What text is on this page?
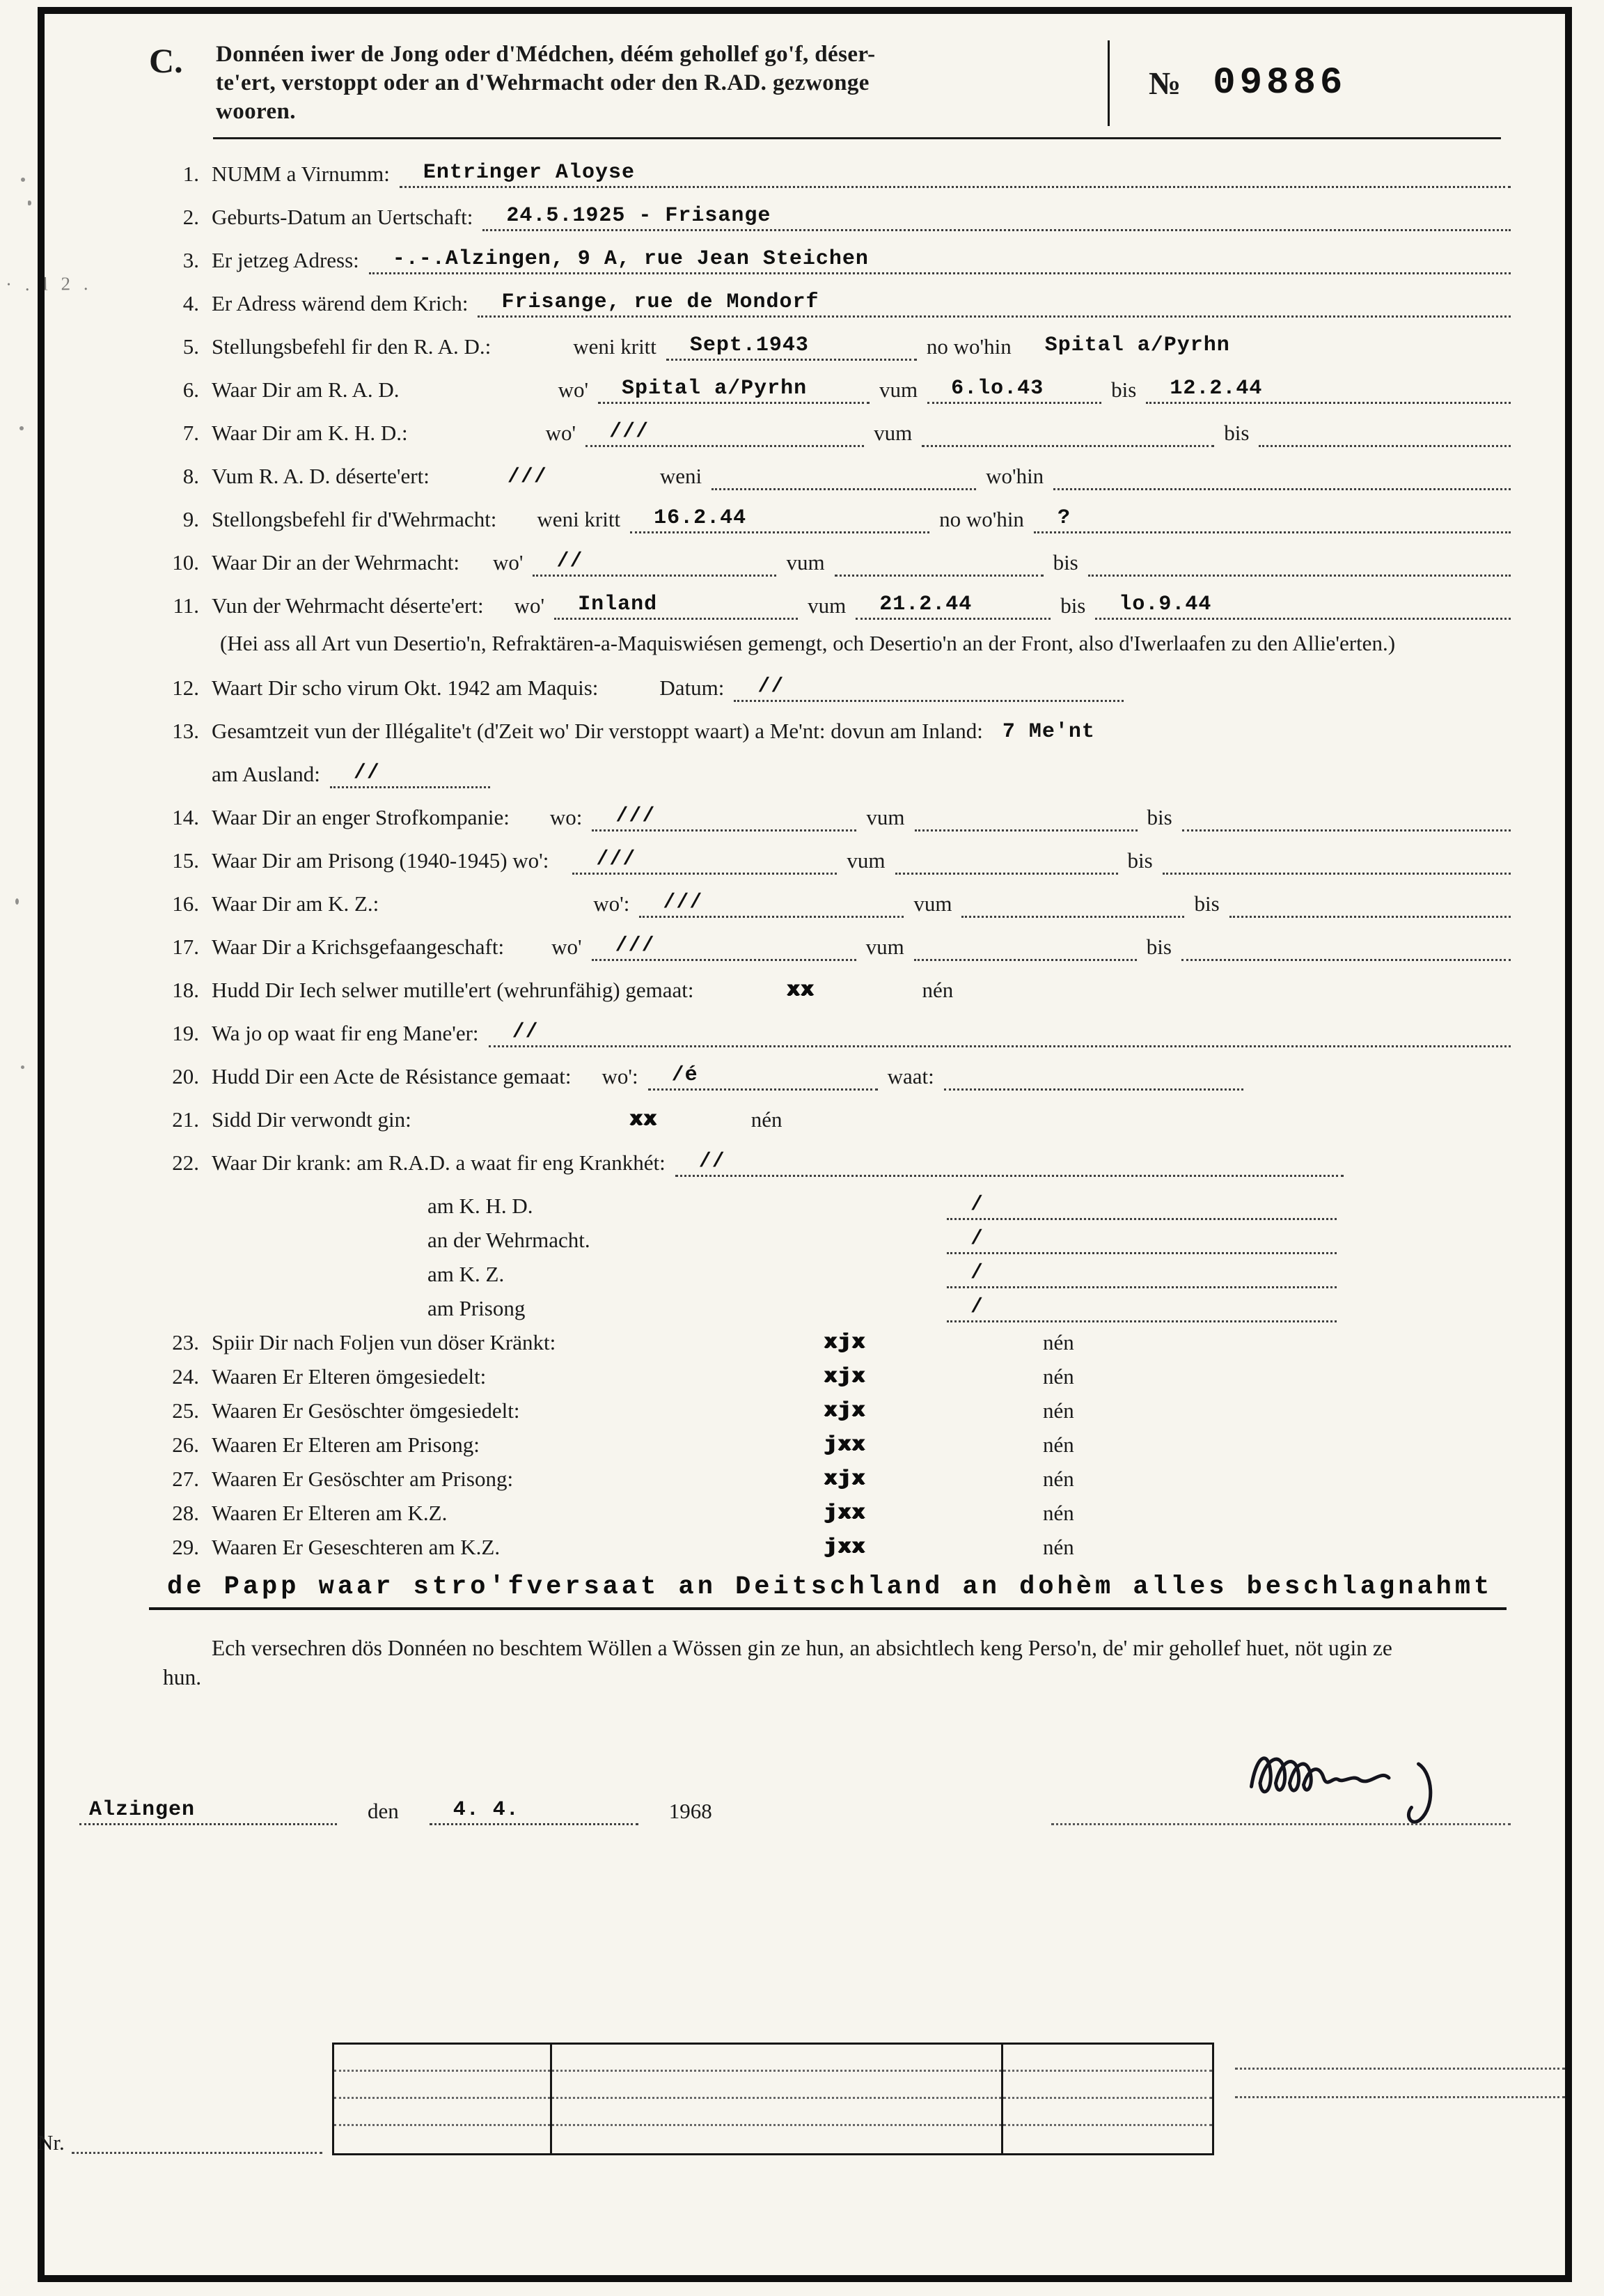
· . l 2 .
C.	Donnéen iwer de Jong oder d'Médchen, déém gehollef go'f, déser-
te'ert, verstoppt oder an d'Wehrmacht oder den R.AD. gezwonge
wooren.
№ 09886
1. NUMM a Virnumm:	Entringer Aloyse
2. Geburts-Datum an Uertschaft:	24.5.1925 - Frisange
3. Er jetzeg Adress:	-.-.Alzingen, 9 A, rue Jean Steichen
4. Er Adress wärend dem Krich:	Frisange, rue de Mondorf
5. Stellungsbefehl fir den R. A. D.:	weni kritt	Sept.1943	no wo'hin	Spital a/Pyrhn
6. Waar Dir am R. A. D.	wo'	Spital a/Pyrhn	vum	6.lo.43	bis	12.2.44
7. Waar Dir am K. H. D.:	wo'	///	vum	bis
8. Vum R. A. D. déserte'ert:	///	weni	wo'hin
9. Stellongsbefehl fir d'Wehrmacht:	weni kritt	16.2.44	no wo'hin	?
10. Waar Dir an der Wehrmacht:	wo'	//	vum	bis
11. Vun der Wehrmacht déserte'ert:	wo'	Inland	vum	21.2.44	bis	lo.9.44
(Hei ass all Art vun Desertio'n, Refraktären-a-Maquiswiésen gemengt, och Desertio'n an der Front, also d'Iwerlaafen zu den Allie'erten.)
12. Waart Dir scho virum Okt. 1942 am Maquis:	Datum:	//
13. Gesamtzeit vun der Illégalite't (d'Zeit wo' Dir verstoppt waart) a Me'nt: dovun am Inland: 7 Me'nt
am Ausland:	//
14. Waar Dir an enger Strofkompanie:	wo:	///	vum	bis
15. Waar Dir am Prisong (1940-1945) wo':	///	vum	bis
16. Waar Dir am K. Z.:	wo':	///	vum	bis
17. Waar Dir a Krichsgefaangeschaft:	wo'	///	vum	bis
18. Hudd Dir Iech selwer mutille'ert (wehrunfähig) gemaat:	xx	nén
19. Wa jo op waat fir eng Mane'er:	//
20. Hudd Dir een Acte de Résistance gemaat:	wo':	/é	waat:
21. Sidd Dir verwondt gin:	xx	nén
22. Waar Dir krank: am R.A.D. a waat fir eng Krankhét:	//
am K. H. D.	/
an der Wehrmacht.	/
am K. Z.	/
am Prisong	/
23. Spiir Dir nach Foljen vun döser Kränkt:	xjx	nén
24. Waaren Er Elteren ömgesiedelt:	xjx	nén
25. Waaren Er Gesöschter ömgesiedelt:	xjx	nén
26. Waaren Er Elteren am Prisong:	jxx	nén
27. Waaren Er Gesöschter am Prisong:	xjx	nén
28. Waaren Er Elteren am K.Z.	jxx	nén
29. Waaren Er Geseschteren am K.Z.	jxx	nén
de Papp waar stro'fversaat an Deitschland an dohèm alles beschlagnahmt

Ech versechren dös Donnéen no beschtem Wöllen a Wössen gin ze hun, an absichtlech keng Perso'n, de' mir gehollef huet, nöt ugin ze hun.

Alzingen	den	4. 4.	1968
Nr.
